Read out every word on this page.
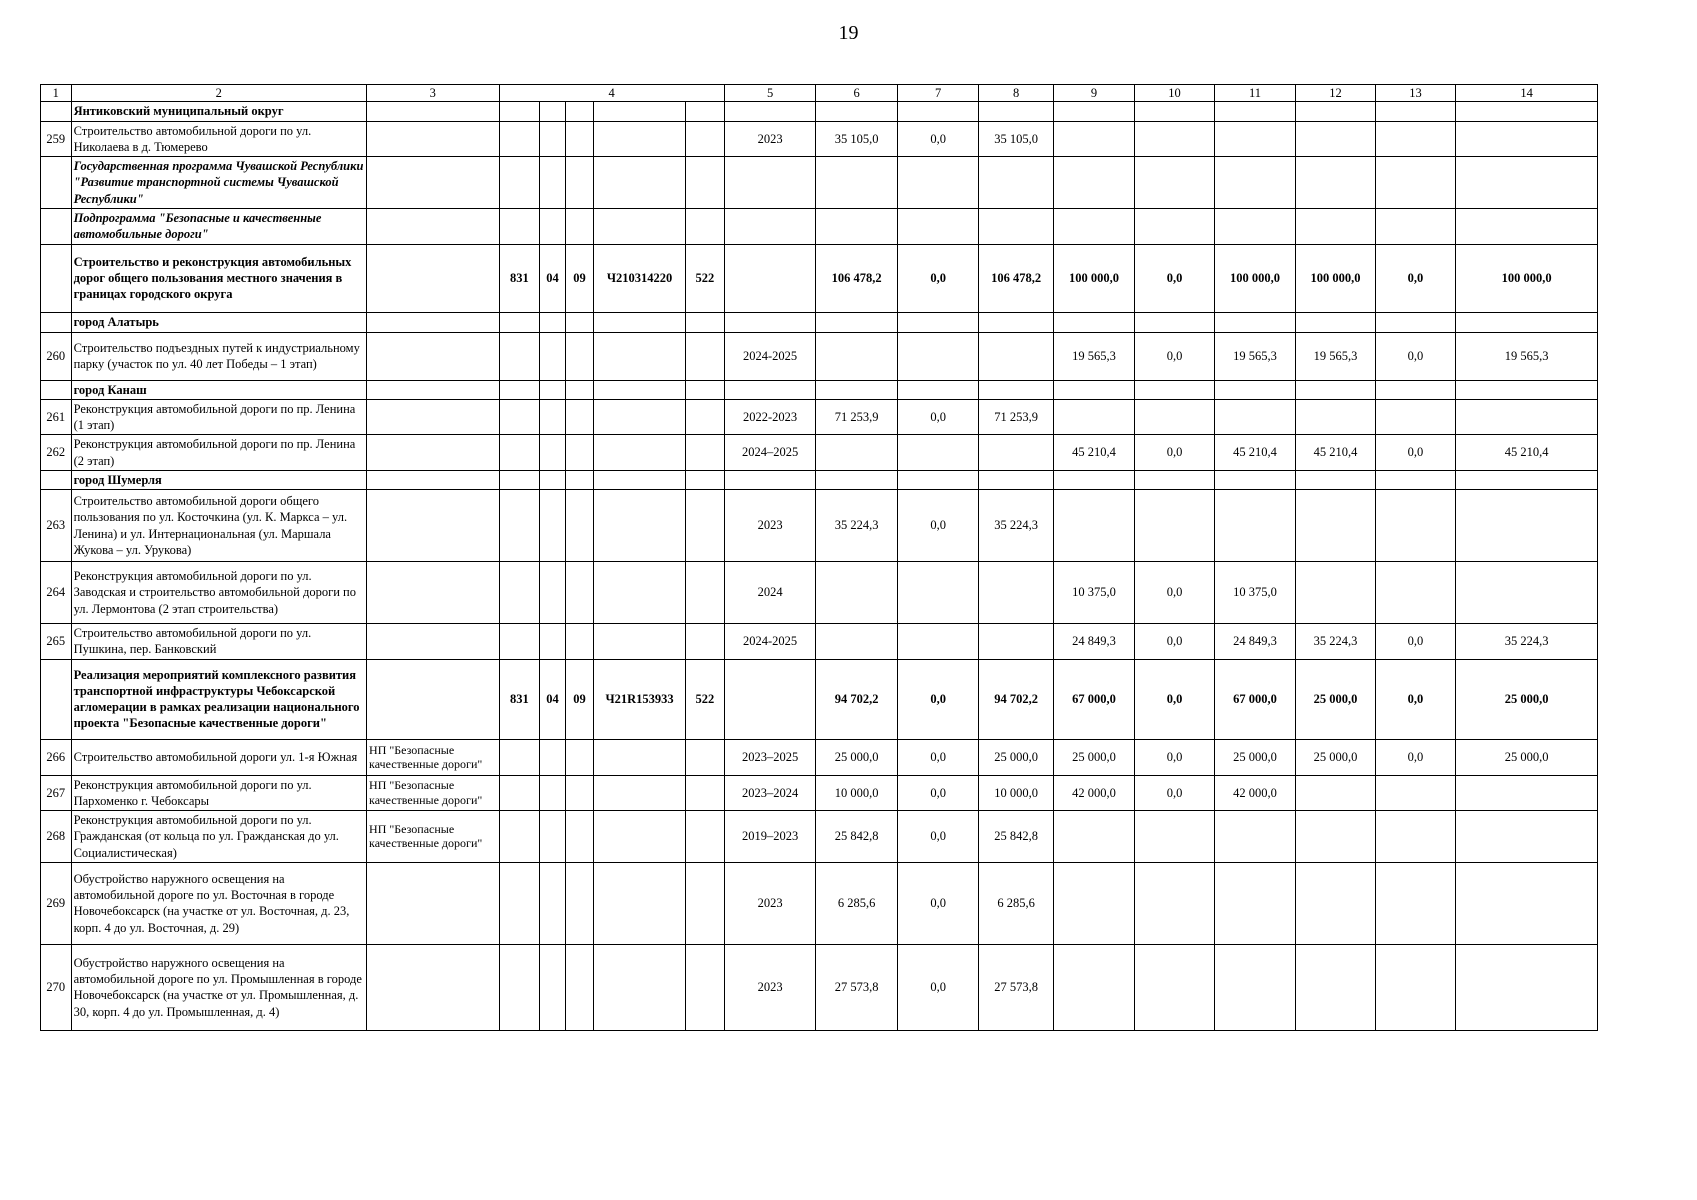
19
1	2	3	4					5	6	7	8	9	10	11	12	13	14
	Янтиковский муниципальный округ																
259	Строительство автомобильной дороги по ул. Николаева в д. Тюмерево							2023	35 105,0	0,0	35 105,0						
	Государственная программа Чувашской Республики "Развитие транспортной системы Чувашской Республики"																
	Подпрограмма "Безопасные и качественные автомобильные дороги"																
	Строительство и реконструкция автомобильных дорог общего пользования местного значения в границах городского округа		831	04	09	Ч210314220	522		106 478,2	0,0	106 478,2	100 000,0	0,0	100 000,0	100 000,0	0,0	100 000,0
	город Алатырь																
260	Строительство подъездных путей к индустриальному парку (участок по ул. 40 лет Победы – 1 этап)							2024-2025				19 565,3	0,0	19 565,3	19 565,3	0,0	19 565,3
	город Канаш																
261	Реконструкция автомобильной дороги по пр. Ленина (1 этап)							2022-2023	71 253,9	0,0	71 253,9						
262	Реконструкция автомобильной дороги по пр. Ленина (2 этап)							2024–2025				45 210,4	0,0	45 210,4	45 210,4	0,0	45 210,4
	город Шумерля																
263	Строительство автомобильной дороги общего пользования по ул. Косточкина (ул. К. Маркса – ул. Ленина) и ул. Интернациональная (ул. Маршала Жукова – ул. Урукова)							2023	35 224,3	0,0	35 224,3						
264	Реконструкция автомобильной дороги по ул. Заводская и строительство автомобильной дороги по ул. Лермонтова (2 этап строительства)							2024				10 375,0	0,0	10 375,0			
265	Строительство автомобильной дороги по ул. Пушкина, пер. Банковский							2024-2025				24 849,3	0,0	24 849,3	35 224,3	0,0	35 224,3
	Реализация мероприятий комплексного развития транспортной инфраструктуры Чебоксарской агломерации в рамках реализации национального проекта "Безопасные качественные дороги"		831	04	09	Ч21R153933	522		94 702,2	0,0	94 702,2	67 000,0	0,0	67 000,0	25 000,0	0,0	25 000,0
266	Строительство автомобильной дороги ул. 1-я Южная	НП "Безопасные качественные дороги"						2023–2025	25 000,0	0,0	25 000,0	25 000,0	0,0	25 000,0	25 000,0	0,0	25 000,0
267	Реконструкция автомобильной дороги по ул. Пархоменко г. Чебоксары	НП "Безопасные качественные дороги"						2023–2024	10 000,0	0,0	10 000,0	42 000,0	0,0	42 000,0			
268	Реконструкция автомобильной дороги по ул. Гражданская (от кольца по ул. Гражданская до ул. Социалистическая)	НП "Безопасные качественные дороги"						2019–2023	25 842,8	0,0	25 842,8						
269	Обустройство наружного освещения на автомобильной дороге по ул. Восточная в городе Новочебоксарск (на участке от ул. Восточная, д. 23, корп. 4 до ул. Восточная, д. 29)							2023	6 285,6	0,0	6 285,6						
270	Обустройство наружного освещения на автомобильной дороге по ул. Промышленная в городе Новочебоксарск (на участке от ул. Промышленная, д. 30, корп. 4 до ул. Промышленная, д. 4)							2023	27 573,8	0,0	27 573,8						
